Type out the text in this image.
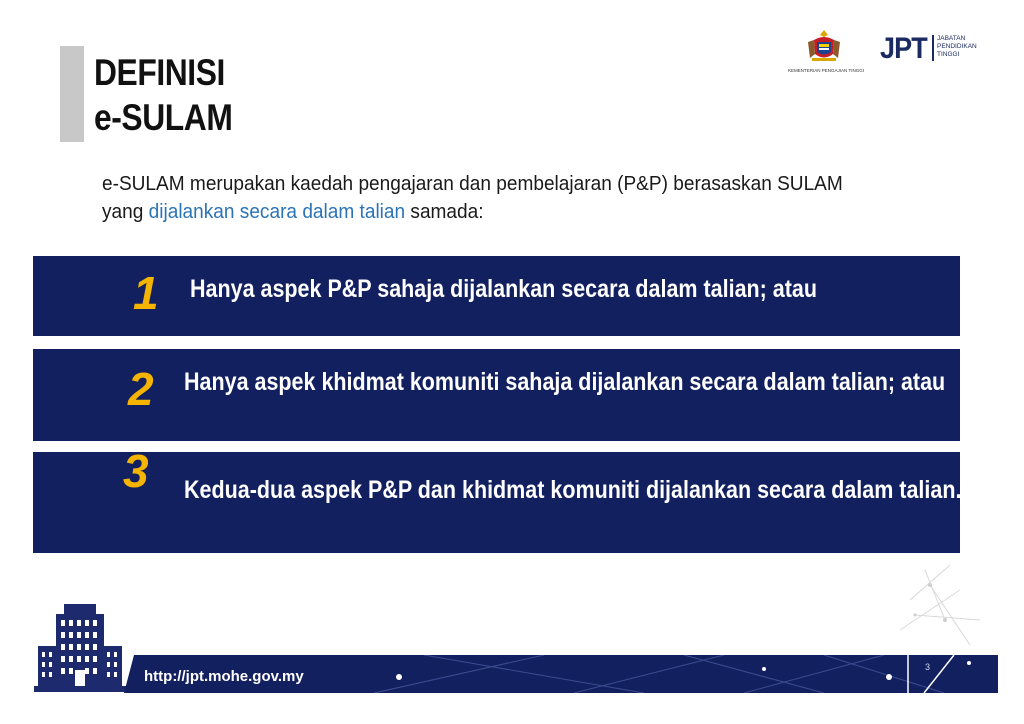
DEFINISI
e-SULAM
KEMENTERIAN PENGAJIAN TINGGI
JPT JABATAN
PENDIDIKAN
TINGGI
e-SULAM merupakan kaedah pengajaran dan pembelajaran (P&P) berasaskan SULAM yang dijalankan secara dalam talian samada:
1 Hanya aspek P&P sahaja dijalankan secara dalam talian; atau
2 Hanya aspek khidmat komuniti sahaja dijalankan secara dalam talian; atau
3 Kedua-dua aspek P&P dan khidmat komuniti dijalankan secara dalam talian.
http://jpt.mohe.gov.my
3
